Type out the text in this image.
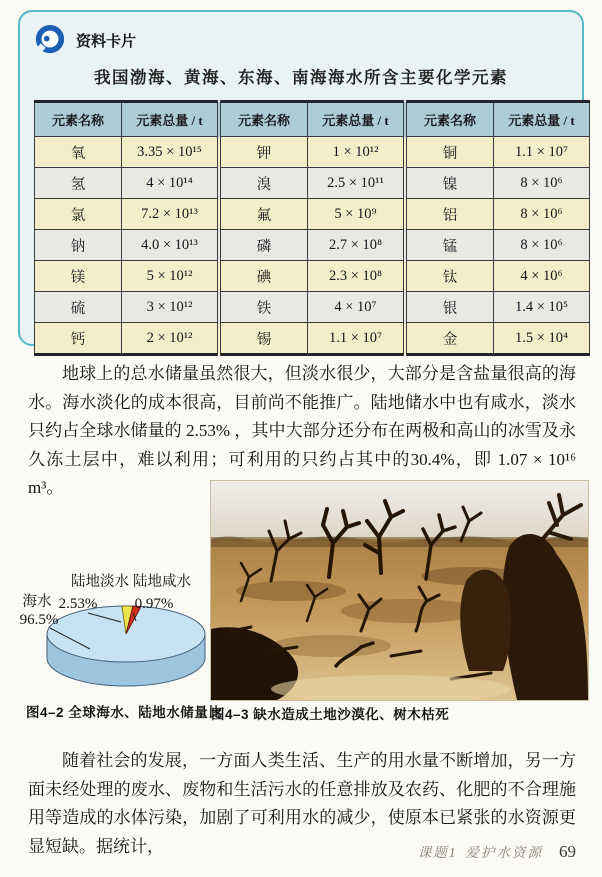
资料卡片
我国渤海、黄海、东海、南海海水所含主要化学元素
元素名称	元素总量 / t	元素名称	元素总量 / t	元素名称	元素总量 / t
氧	3.35 × 10¹⁵	钾	1 × 10¹²	铜	1.1 × 10⁷
氢	4 × 10¹⁴	溴	2.5 × 10¹¹	镍	8 × 10⁶
氯	7.2 × 10¹³	氟	5 × 10⁹	铝	8 × 10⁶
钠	4.0 × 10¹³	磷	2.7 × 10⁸	锰	8 × 10⁶
镁	5 × 10¹²	碘	2.3 × 10⁸	钛	4 × 10⁶
硫	3 × 10¹²	铁	4 × 10⁷	银	1.4 × 10⁵
钙	2 × 10¹²	锡	1.1 × 10⁷	金	1.5 × 10⁴
地球上的总水储量虽然很大，但淡水很少，大部分是含盐量很高的海水。海水淡化的成本很高，目前尚不能推广。陆地储水中也有咸水，淡水只约占全球水储量的 2.53% ，其中大部分还分布在两极和高山的冰雪及永久冻土层中，难以利用；可利用的只约占其中的30.4%，即 1.07 × 10¹⁶ m³。
陆地淡水
2.53%
陆地咸水
0.97%
海水
96.5%
图4–2 全球海水、陆地水储量比
图4–3 缺水造成土地沙漠化、树木枯死
随着社会的发展，一方面人类生活、生产的用水量不断增加，另一方面未经处理的废水、废物和生活污水的任意排放及农药、化肥的不合理施用等造成的水体污染，加剧了可利用水的减少，使原本已紧张的水资源更显短缺。据统计，	课题1 爱护水资源 69
